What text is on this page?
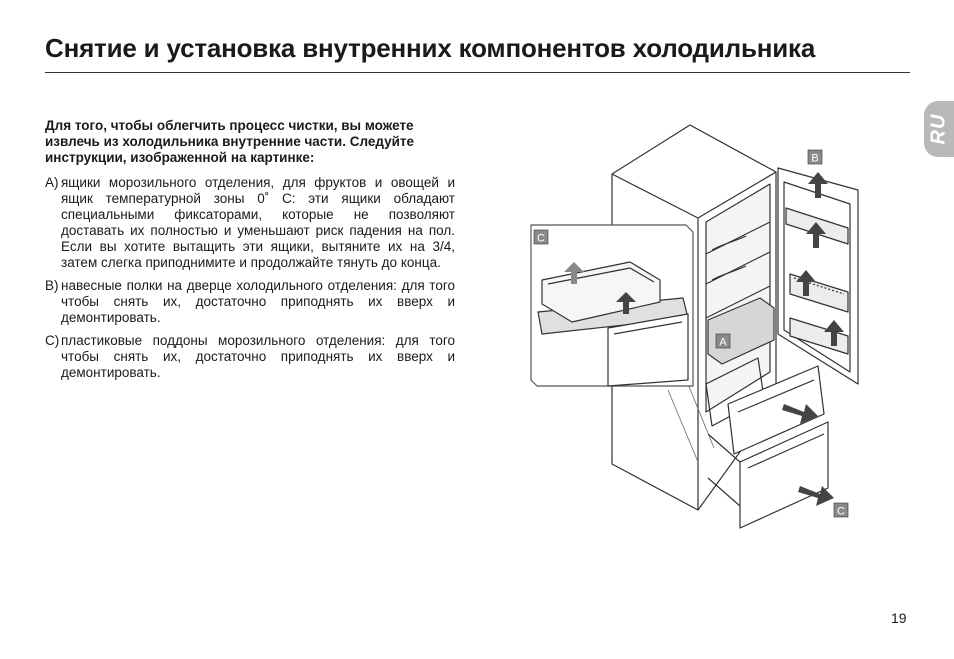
Снятие и установка внутренних компонентов холодильника
RU

Для того, чтобы облегчить процесс чистки, вы можете извлечь из холодильника внутренние части. Следуйте инструкции, изображенной на картинке:

A) ящики морозильного отделения, для фруктов и овощей и ящик температурной зоны 0˚ С: эти ящики обладают специальными фиксаторами, которые не позволяют доставать их полностью и уменьшают риск падения на пол. Если вы хотите вытащить эти ящики, вытяните их на 3/4, затем слегка приподнимите и продолжайте тянуть до конца.
B) навесные полки на дверце холодильного отделения: для того чтобы снять их, достаточно приподнять их вверх и демонтировать.
C) пластиковые поддоны морозильного отделения: для того чтобы снять их, достаточно приподнять их вверх и демонтировать.
B
A
C
C
19
